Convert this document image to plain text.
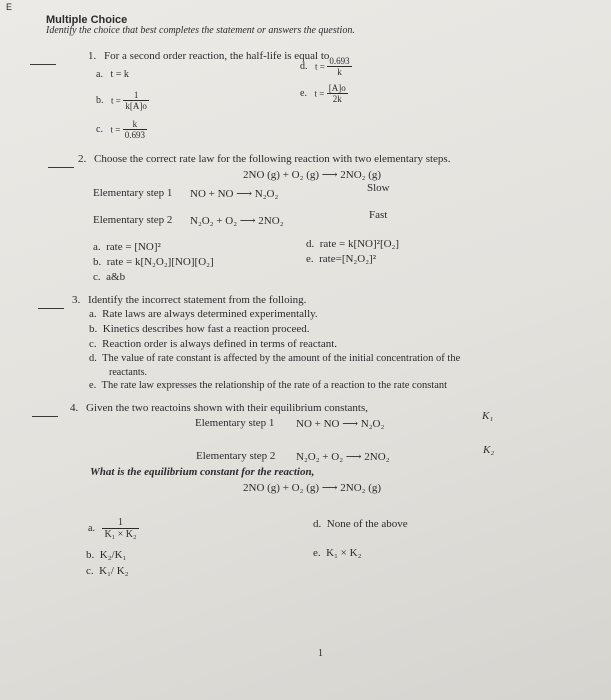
E
Multiple Choice
Identify the choice that best completes the statement or answers the question.
1. For a second order reaction, the half-life is equal to
a. t = k
d. $t = \frac{0.693}{k}$
b. $t = \frac{1}{k[A]o}$	e. $t = \frac{[A]o}{2k}$
c. $t = \frac{k}{0.693}$
2. Choose the correct rate law for the following reaction with two elementary steps.
2NO (g) + O₂ (g) ⟶ 2NO₂ (g)
Elementary step 1 NO + NO ⟶ N₂O₂	Slow
Elementary step 2 N₂O₂ + O₂ ⟶ 2NO₂	Fast
a. rate = [NO]²
b. rate = k[N₂O₂][NO][O₂]
c. a&b
d. rate = k[NO]²[O₂]
e. rate=[N₂O₂]²
3. Identify the incorrect statement from the folloing.
a. Rate laws are always determined experimentally.
b. Kinetics describes how fast a reaction proceed.
c. Reaction order is always defined in terms of reactant.
d. The value of rate constant is affected by the amount of the initial concentration of the
reactants.
e. The rate law expresses the relationship of the rate of a reaction to the rate constant
4. Given the two reactoins shown with their equilibrium constants,
Elementary step 1 NO + NO ⟶ N₂O₂
K₁
Elementary step 2 N₂O₂ + O₂ ⟶ 2NO₂
K₂
What is the equilibrium constant for the reaction,
2NO (g) + O₂ (g) ⟶ 2NO₂ (g)
a. $\frac{1}{\text{K₁ × K₂}}$
b. K₂/K₁
c. K₁/ K₂
d. None of the above
e. K₁ × K₂
1
